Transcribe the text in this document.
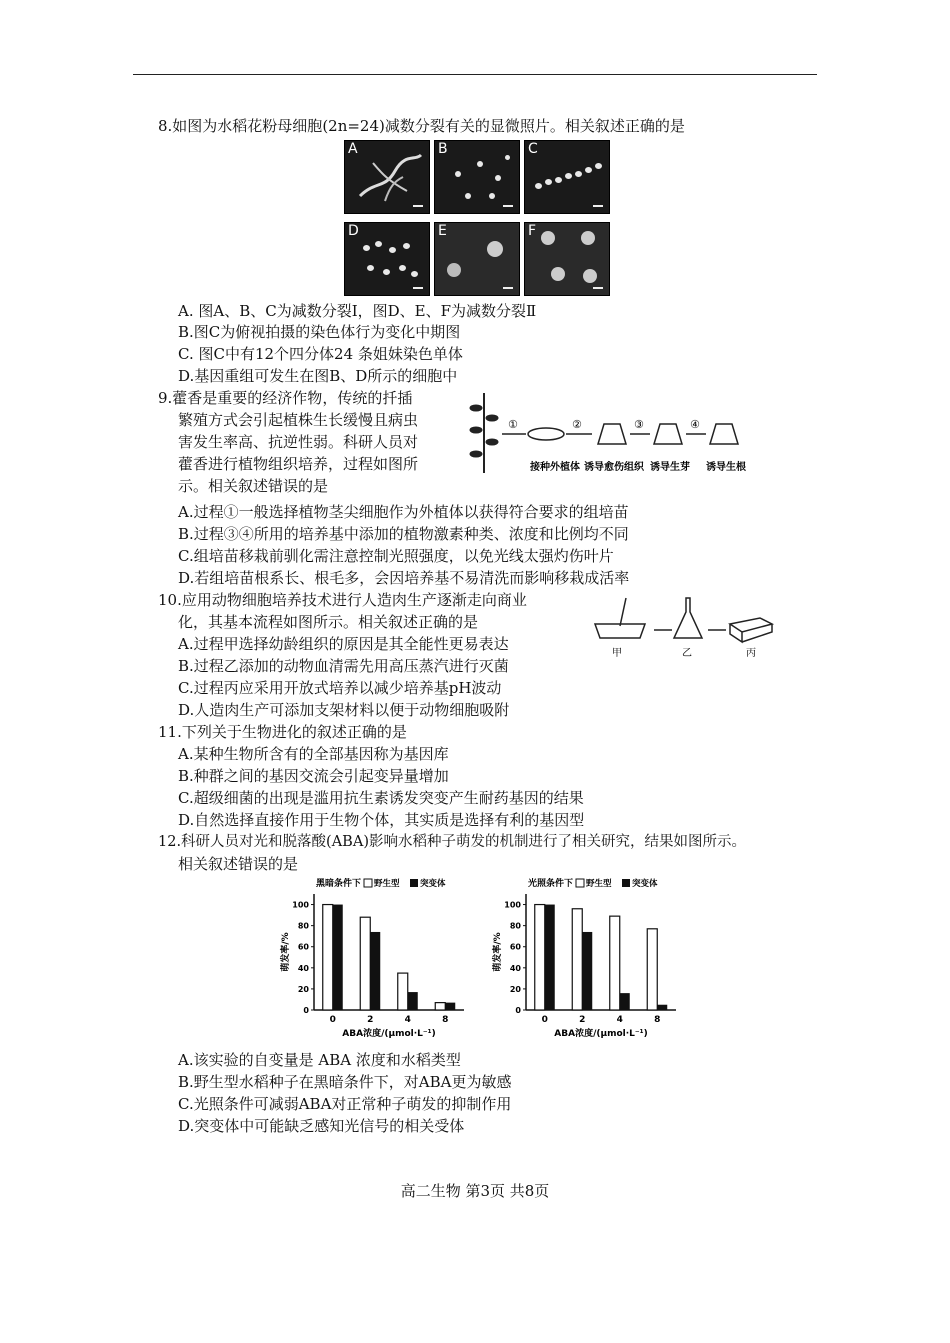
8.如图为水稻花粉母细胞(2n=24)减数分裂有关的显微照片。相关叙述正确的是
A	B	C
D	E	F
A. 图A、B、C为减数分裂Ⅰ，图D、E、F为减数分裂Ⅱ
B.图C为俯视拍摄的染色体行为变化中期图
C. 图C中有12个四分体24 条姐妹染色单体
D.基因重组可发生在图B、D所示的细胞中
9.藿香是重要的经济作物，传统的扦插
繁殖方式会引起植株生长缓慢且病虫
害发生率高、抗逆性弱。科研人员对
藿香进行植物组织培养，过程如图所
示。相关叙述错误的是
①	②	③	④
接种外植体 诱导愈伤组织 诱导生芽 诱导生根
A.过程①一般选择植物茎尖细胞作为外植体以获得符合要求的组培苗
B.过程③④所用的培养基中添加的植物激素种类、浓度和比例均不同
C.组培苗移栽前驯化需注意控制光照强度，以免光线太强灼伤叶片
D.若组培苗根系长、根毛多，会因培养基不易清洗而影响移栽成活率
10.应用动物细胞培养技术进行人造肉生产逐渐走向商业
化，其基本流程如图所示。相关叙述正确的是
甲	乙	丙
A.过程甲选择幼龄组织的原因是其全能性更易表达
B.过程乙添加的动物血清需先用高压蒸汽进行灭菌
C.过程丙应采用开放式培养以减少培养基pH波动
D.人造肉生产可添加支架材料以便于动物细胞吸附
11.下列关于生物进化的叙述正确的是
A.某种生物所含有的全部基因称为基因库
B.种群之间的基因交流会引起变异量增加
C.超级细菌的出现是滥用抗生素诱发突变产生耐药基因的结果
D.自然选择直接作用于生物个体，其实质是选择有利的基因型
12.科研人员对光和脱落酸(ABA)影响水稻种子萌发的机制进行了相关研究，结果如图所示。
相关叙述错误的是
0
20
40
60
80
100
萌发率/%
黑暗条件下 野生型 突变体
0	2	4	8
ABA浓度/(μmol·L⁻¹)
0
20
40
60
80
100
萌发率/%
光照条件下 野生型 突变体
0	2	4	8
ABA浓度/(μmol·L⁻¹)
A.该实验的自变量是 ABA 浓度和水稻类型
B.野生型水稻种子在黑暗条件下，对ABA更为敏感
C.光照条件可减弱ABA对正常种子萌发的抑制作用
D.突变体中可能缺乏感知光信号的相关受体
高二生物 第3页 共8页
